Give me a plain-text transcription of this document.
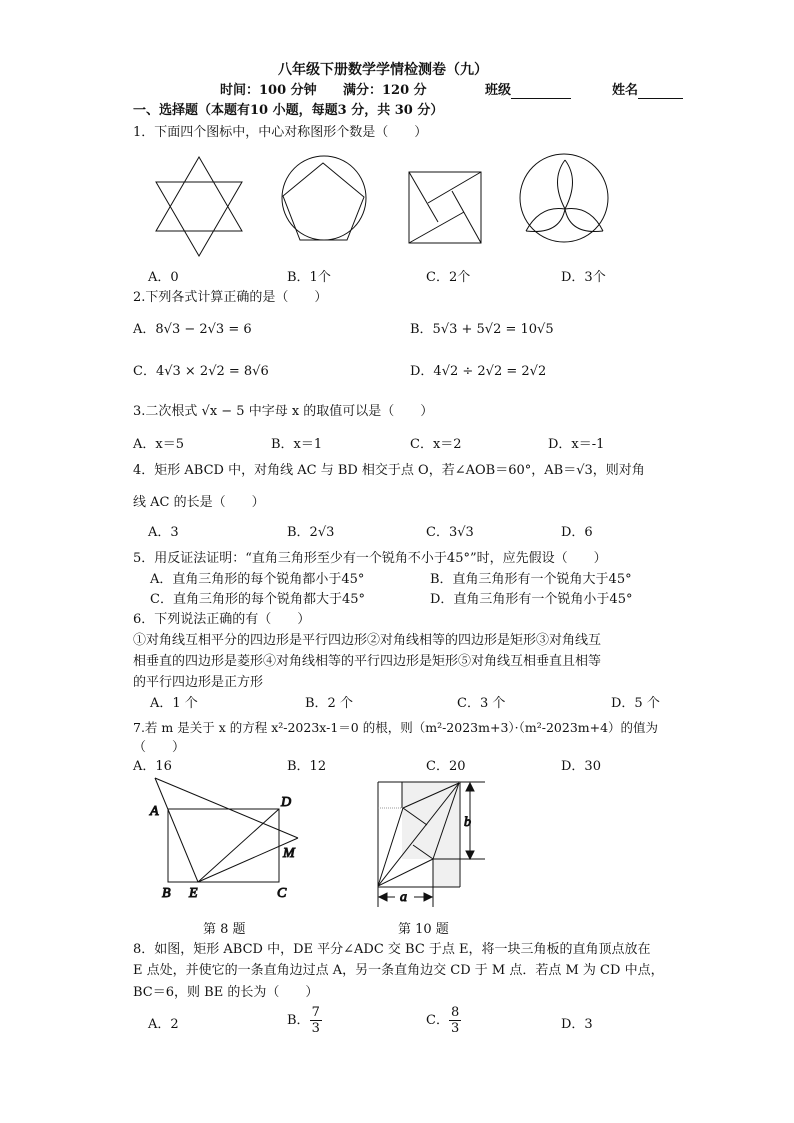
八年级下册数学学情检测卷（九）
时间：100 分钟 满分：120 分	班级	姓名
一、选择题（本题有10 小题，每题3 分，共 30 分）
1．下面四个图标中，中心对称图形个数是（　　）
A．0	B．1个	C．2个	D．3个
2.下列各式计算正确的是（　　）
A．8√3 − 2√3 = 6	B．5√3 + 5√2 = 10√5
C．4√3 × 2√2 = 8√6	D．4√2 ÷ 2√2 = 2√2
3.二次根式 √x − 5 中字母 x 的取值可以是（　　）
A．x＝5	B．x＝1	C．x＝2	D．x＝-1
4．矩形 ABCD 中，对角线 AC 与 BD 相交于点 O，若∠AOB＝60°，AB＝√3，则对角
线 AC 的长是（　　）
A．3	B．2√3	C．3√3	D．6
5．用反证法证明：“直角三角形至少有一个锐角不小于45°”时，应先假设（　　）
A．直角三角形的每个锐角都小于45°	B．直角三角形有一个锐角大于45°
C．直角三角形的每个锐角都大于45°	D．直角三角形有一个锐角小于45°
6．下列说法正确的有（　　）
①对角线互相平分的四边形是平行四边形②对角线相等的四边形是矩形③对角线互
相垂直的四边形是菱形④对角线相等的平行四边形是矩形⑤对角线互相垂直且相等
的平行四边形是正方形
A．1 个	B．2 个	C．3 个	D．5 个
7.若 m 是关于 x 的方程 x²-2023x-1＝0 的根，则（m²-2023m+3）·（m²-2023m+4）的值为
（　　）
A．16	B．12	C．20	D．30
A
D
M
B E	C
b
a
第 8 题	第 10 题
8．如图，矩形 ABCD 中，DE 平分∠ADC 交 BC 于点 E，将一块三角板的直角顶点放在
E 点处，并使它的一条直角边过点 A，另一条直角边交 CD 于 M 点．若点 M 为 CD 中点，
BC＝6，则 BE 的长为（　　）
A．2	B． $\frac{7}{3}$	C． $\frac{8}{3}$	D．3
